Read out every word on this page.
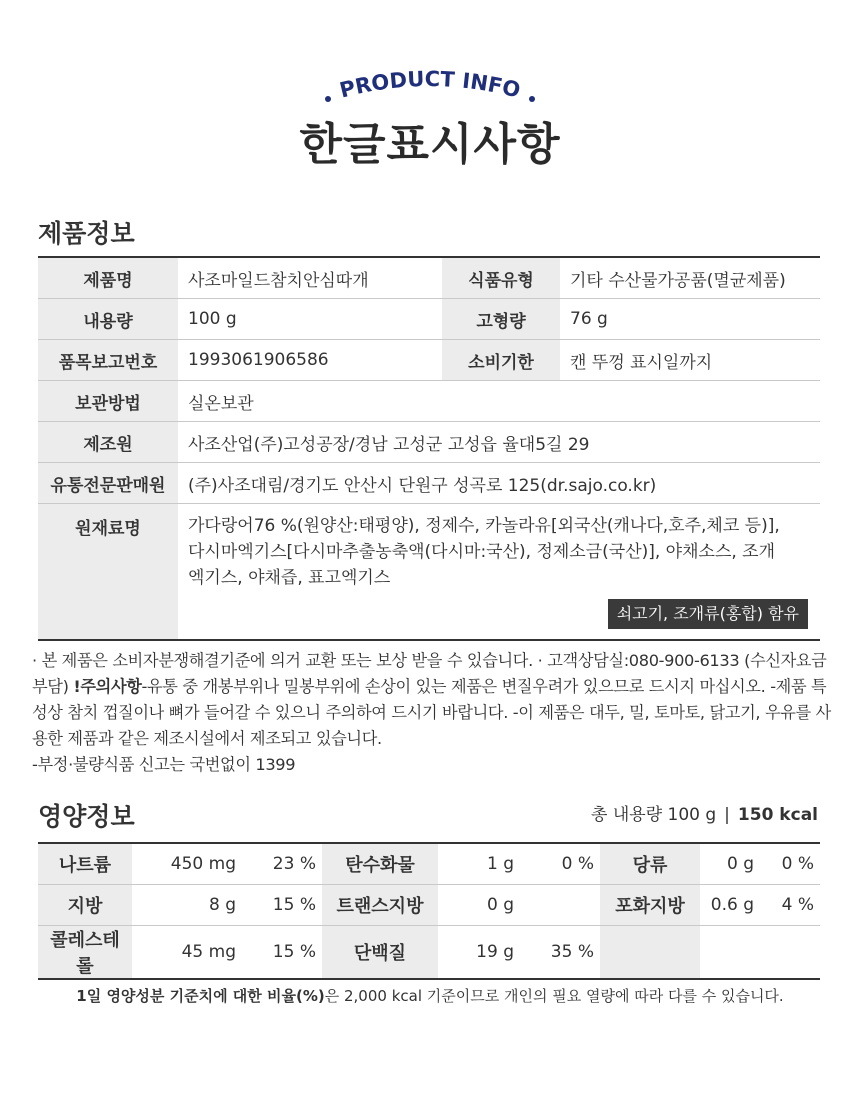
PRODUCT INFO
한글표시사항
제품정보
제품명	사조마일드참치안심따개	식품유형	기타 수산물가공품(멸균제품)
내용량	100 g	고형량	76 g
품목보고번호	1993061906586	소비기한	캔 뚜껑 표시일까지
보관방법	실온보관		
제조원	사조산업(주)고성공장/경남 고성군 고성읍 율대5길 29		
유통전문판매원	(주)사조대림/경기도 안산시 단원구 성곡로 125(dr.sajo.co.kr)		
원재료명	가다랑어76 %(원양산:태평양), 정제수, 카놀라유[외국산(캐나다,호주,체코 등)],
다시마엑기스[다시마추출농축액(다시마:국산), 정제소금(국산)], 야채소스, 조개
엑기스, 야채즙, 표고엑기스
쇠고기, 조개류(홍합) 함유		
· 본 제품은 소비자분쟁해결기준에 의거 교환 또는 보상 받을 수 있습니다. · 고객상담실:080-900-6133 (수신자요금부담) !주의사항-유통 중 개봉부위나 밀봉부위에 손상이 있는 제품은 변질우려가 있으므로 드시지 마십시오. -제품 특성상 참치 껍질이나 뼈가 들어갈 수 있으니 주의하여 드시기 바랍니다. -이 제품은 대두, 밀, 토마토, 닭고기, 우유를 사용한 제품과 같은 제조시설에서 제조되고 있습니다.
-부정·불량식품 신고는 국번없이 1399
영양정보	총 내용량 100 g | 150 kcal
나트륨	450 mg	23 %	탄수화물	1 g	0 %	당류	0 g	0 %
지방	8 g	15 %	트랜스지방	0 g		포화지방	0.6 g	4 %
콜레스테롤	45 mg	15 %	단백질	19 g	35 %			
1일 영양성분 기준치에 대한 비율(%)은 2,000 kcal 기준이므로 개인의 필요 열량에 따라 다를 수 있습니다.
